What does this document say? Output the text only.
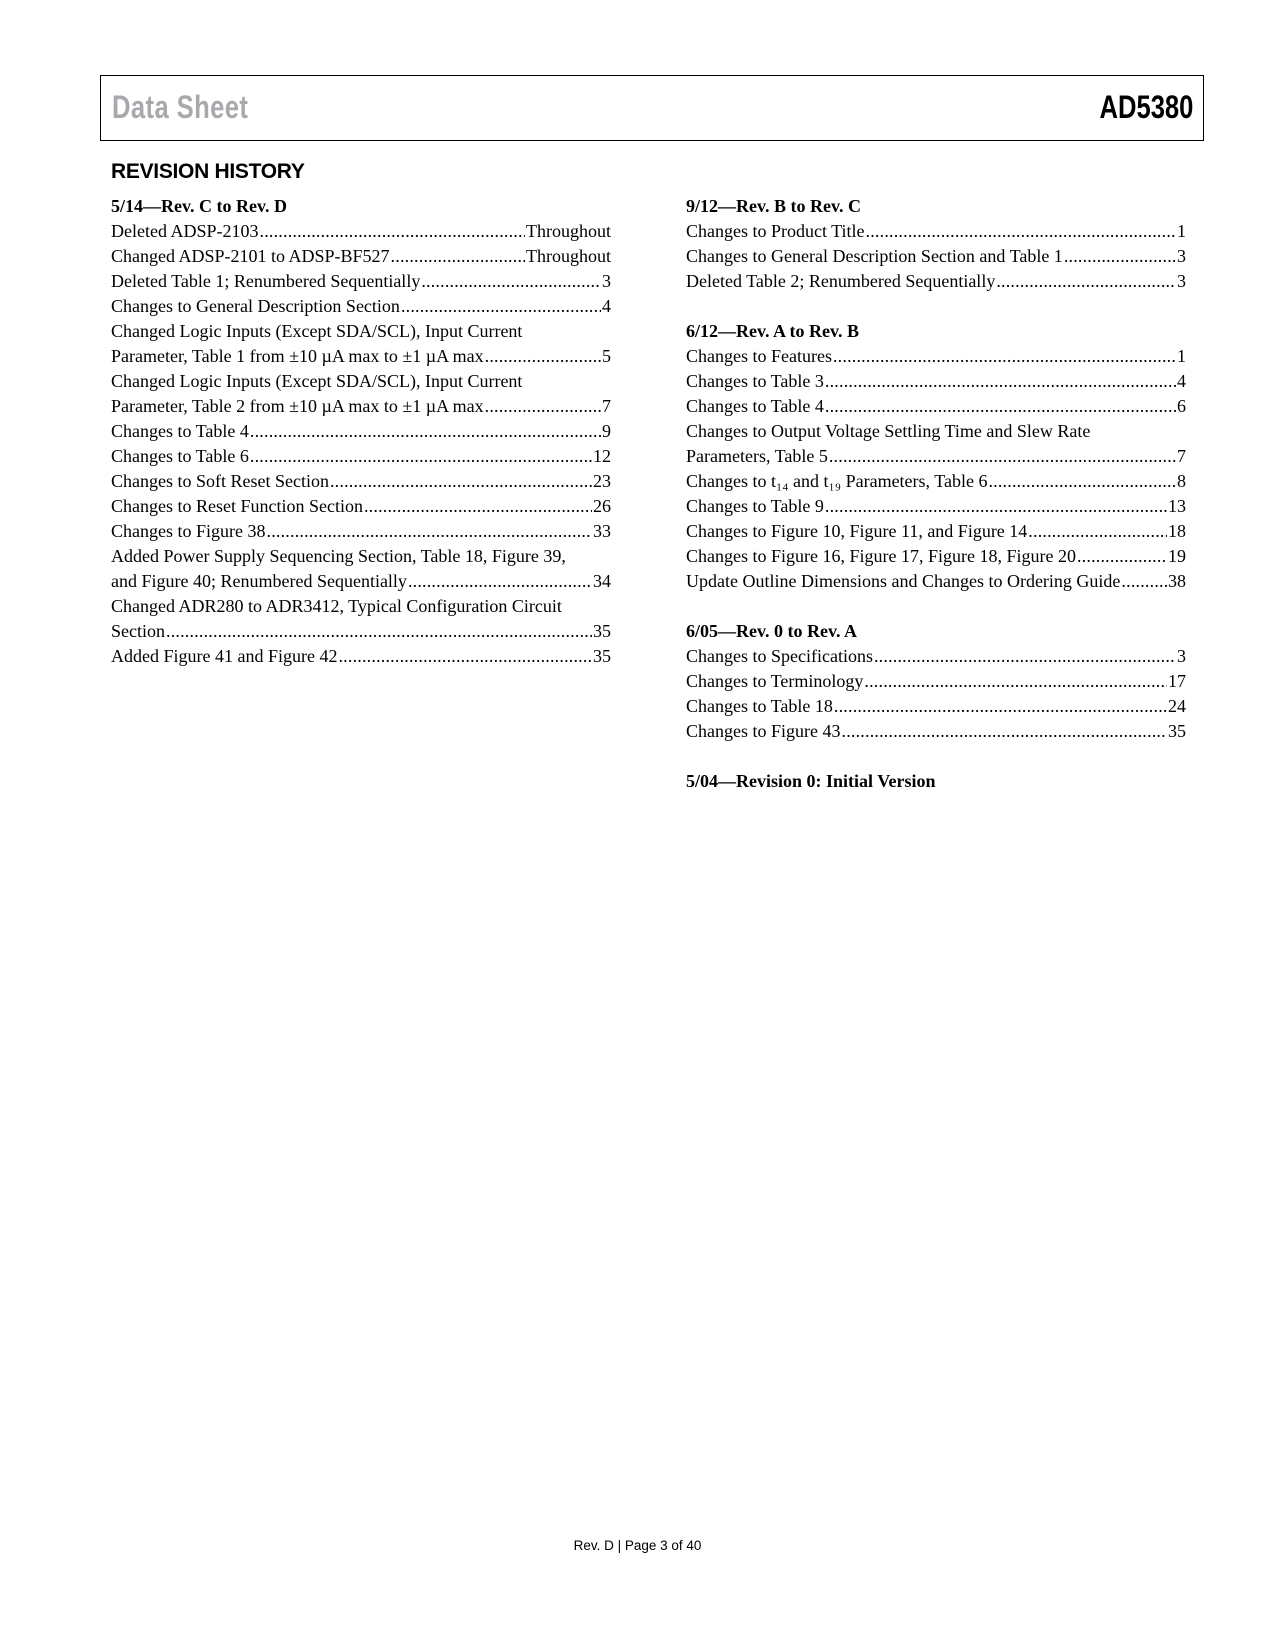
Data Sheet	AD5380
REVISION HISTORY
5/14—Rev. C to Rev. D
Deleted ADSP-2103 .....	Throughout
Changed ADSP-2101 to ADSP-BF527 .....	Throughout
Deleted Table 1; Renumbered Sequentially .....	3
Changes to General Description Section .....	4
Changed Logic Inputs (Except SDA/SCL), Input Current
Parameter, Table 1 from ±10 µA max to ±1 µA max .....	5
Changed Logic Inputs (Except SDA/SCL), Input Current
Parameter, Table 2 from ±10 µA max to ±1 µA max .....	7
Changes to Table 4 .....	9
Changes to Table 6 .....	12
Changes to Soft Reset Section .....	23
Changes to Reset Function Section .....	26
Changes to Figure 38 .....	33
Added Power Supply Sequencing Section, Table 18, Figure 39,
and Figure 40; Renumbered Sequentially .....	34
Changed ADR280 to ADR3412, Typical Configuration Circuit
Section .....	35
Added Figure 41 and Figure 42 .....	35
9/12—Rev. B to Rev. C
Changes to Product Title .....	1
Changes to General Description Section and Table 1 .....	3
Deleted Table 2; Renumbered Sequentially .....	3
6/12—Rev. A to Rev. B
Changes to Features .....	1
Changes to Table 3 .....	4
Changes to Table 4 .....	6
Changes to Output Voltage Settling Time and Slew Rate
Parameters, Table 5 .....	7
Changes to t₁₄ and t₁₉ Parameters, Table 6 .....	8
Changes to Table 9 .....	13
Changes to Figure 10, Figure 11, and Figure 14 .....	18
Changes to Figure 16, Figure 17, Figure 18, Figure 20 .....	19
Update Outline Dimensions and Changes to Ordering Guide .....	38
6/05—Rev. 0 to Rev. A
Changes to Specifications .....	3
Changes to Terminology .....	17
Changes to Table 18 .....	24
Changes to Figure 43 .....	35
5/04—Revision 0: Initial Version
Rev. D | Page 3 of 40
